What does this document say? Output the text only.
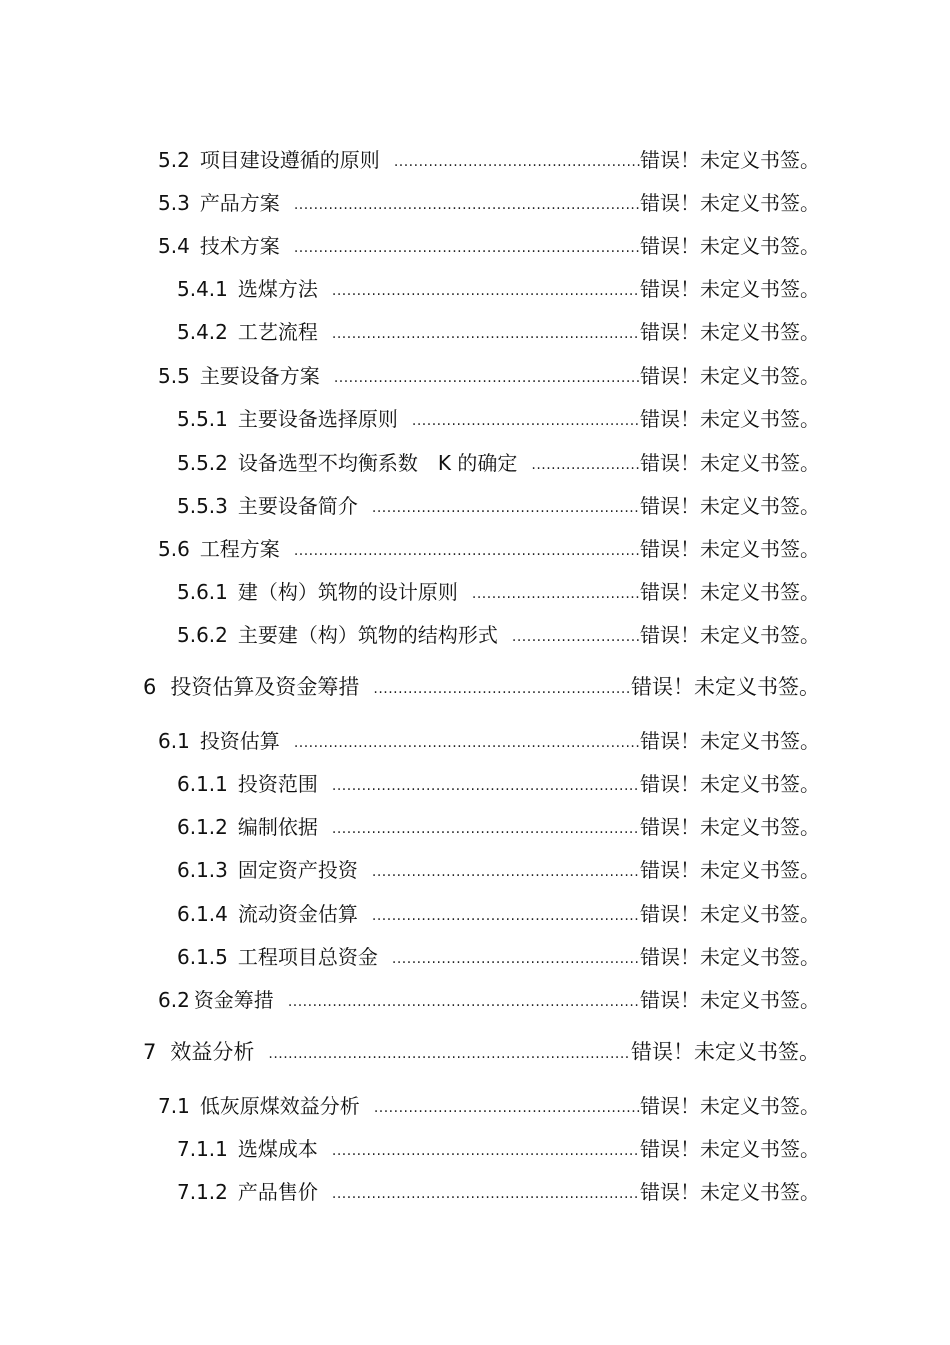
5.2 项目建设遵循的原则 .....	错误！未定义书签。
5.3 产品方案 .....	错误！未定义书签。
5.4 技术方案 .....	错误！未定义书签。
5.4.1 选煤方法 .....	错误！未定义书签。
5.4.2 工艺流程 .....	错误！未定义书签。
5.5 主要设备方案 .....	错误！未定义书签。
5.5.1 主要设备选择原则 .....	错误！未定义书签。
5.5.2 设备选型不均衡系数　K 的确定 .....	错误！未定义书签。
5.5.3 主要设备简介 .....	错误！未定义书签。
5.6 工程方案 .....	错误！未定义书签。
5.6.1 建（构）筑物的设计原则 .....	错误！未定义书签。
5.6.2 主要建（构）筑物的结构形式 .....	错误！未定义书签。
6 投资估算及资金筹措 .....	错误！未定义书签。
6.1 投资估算 .....	错误！未定义书签。
6.1.1 投资范围 .....	错误！未定义书签。
6.1.2 编制依据 .....	错误！未定义书签。
6.1.3 固定资产投资 .....	错误！未定义书签。
6.1.4 流动资金估算 .....	错误！未定义书签。
6.1.5 工程项目总资金 .....	错误！未定义书签。
6.2 资金筹措 .....	错误！未定义书签。
7 效益分析 .....	错误！未定义书签。
7.1 低灰原煤效益分析 .....	错误！未定义书签。
7.1.1 选煤成本 .....	错误！未定义书签。
7.1.2 产品售价 .....	错误！未定义书签。
